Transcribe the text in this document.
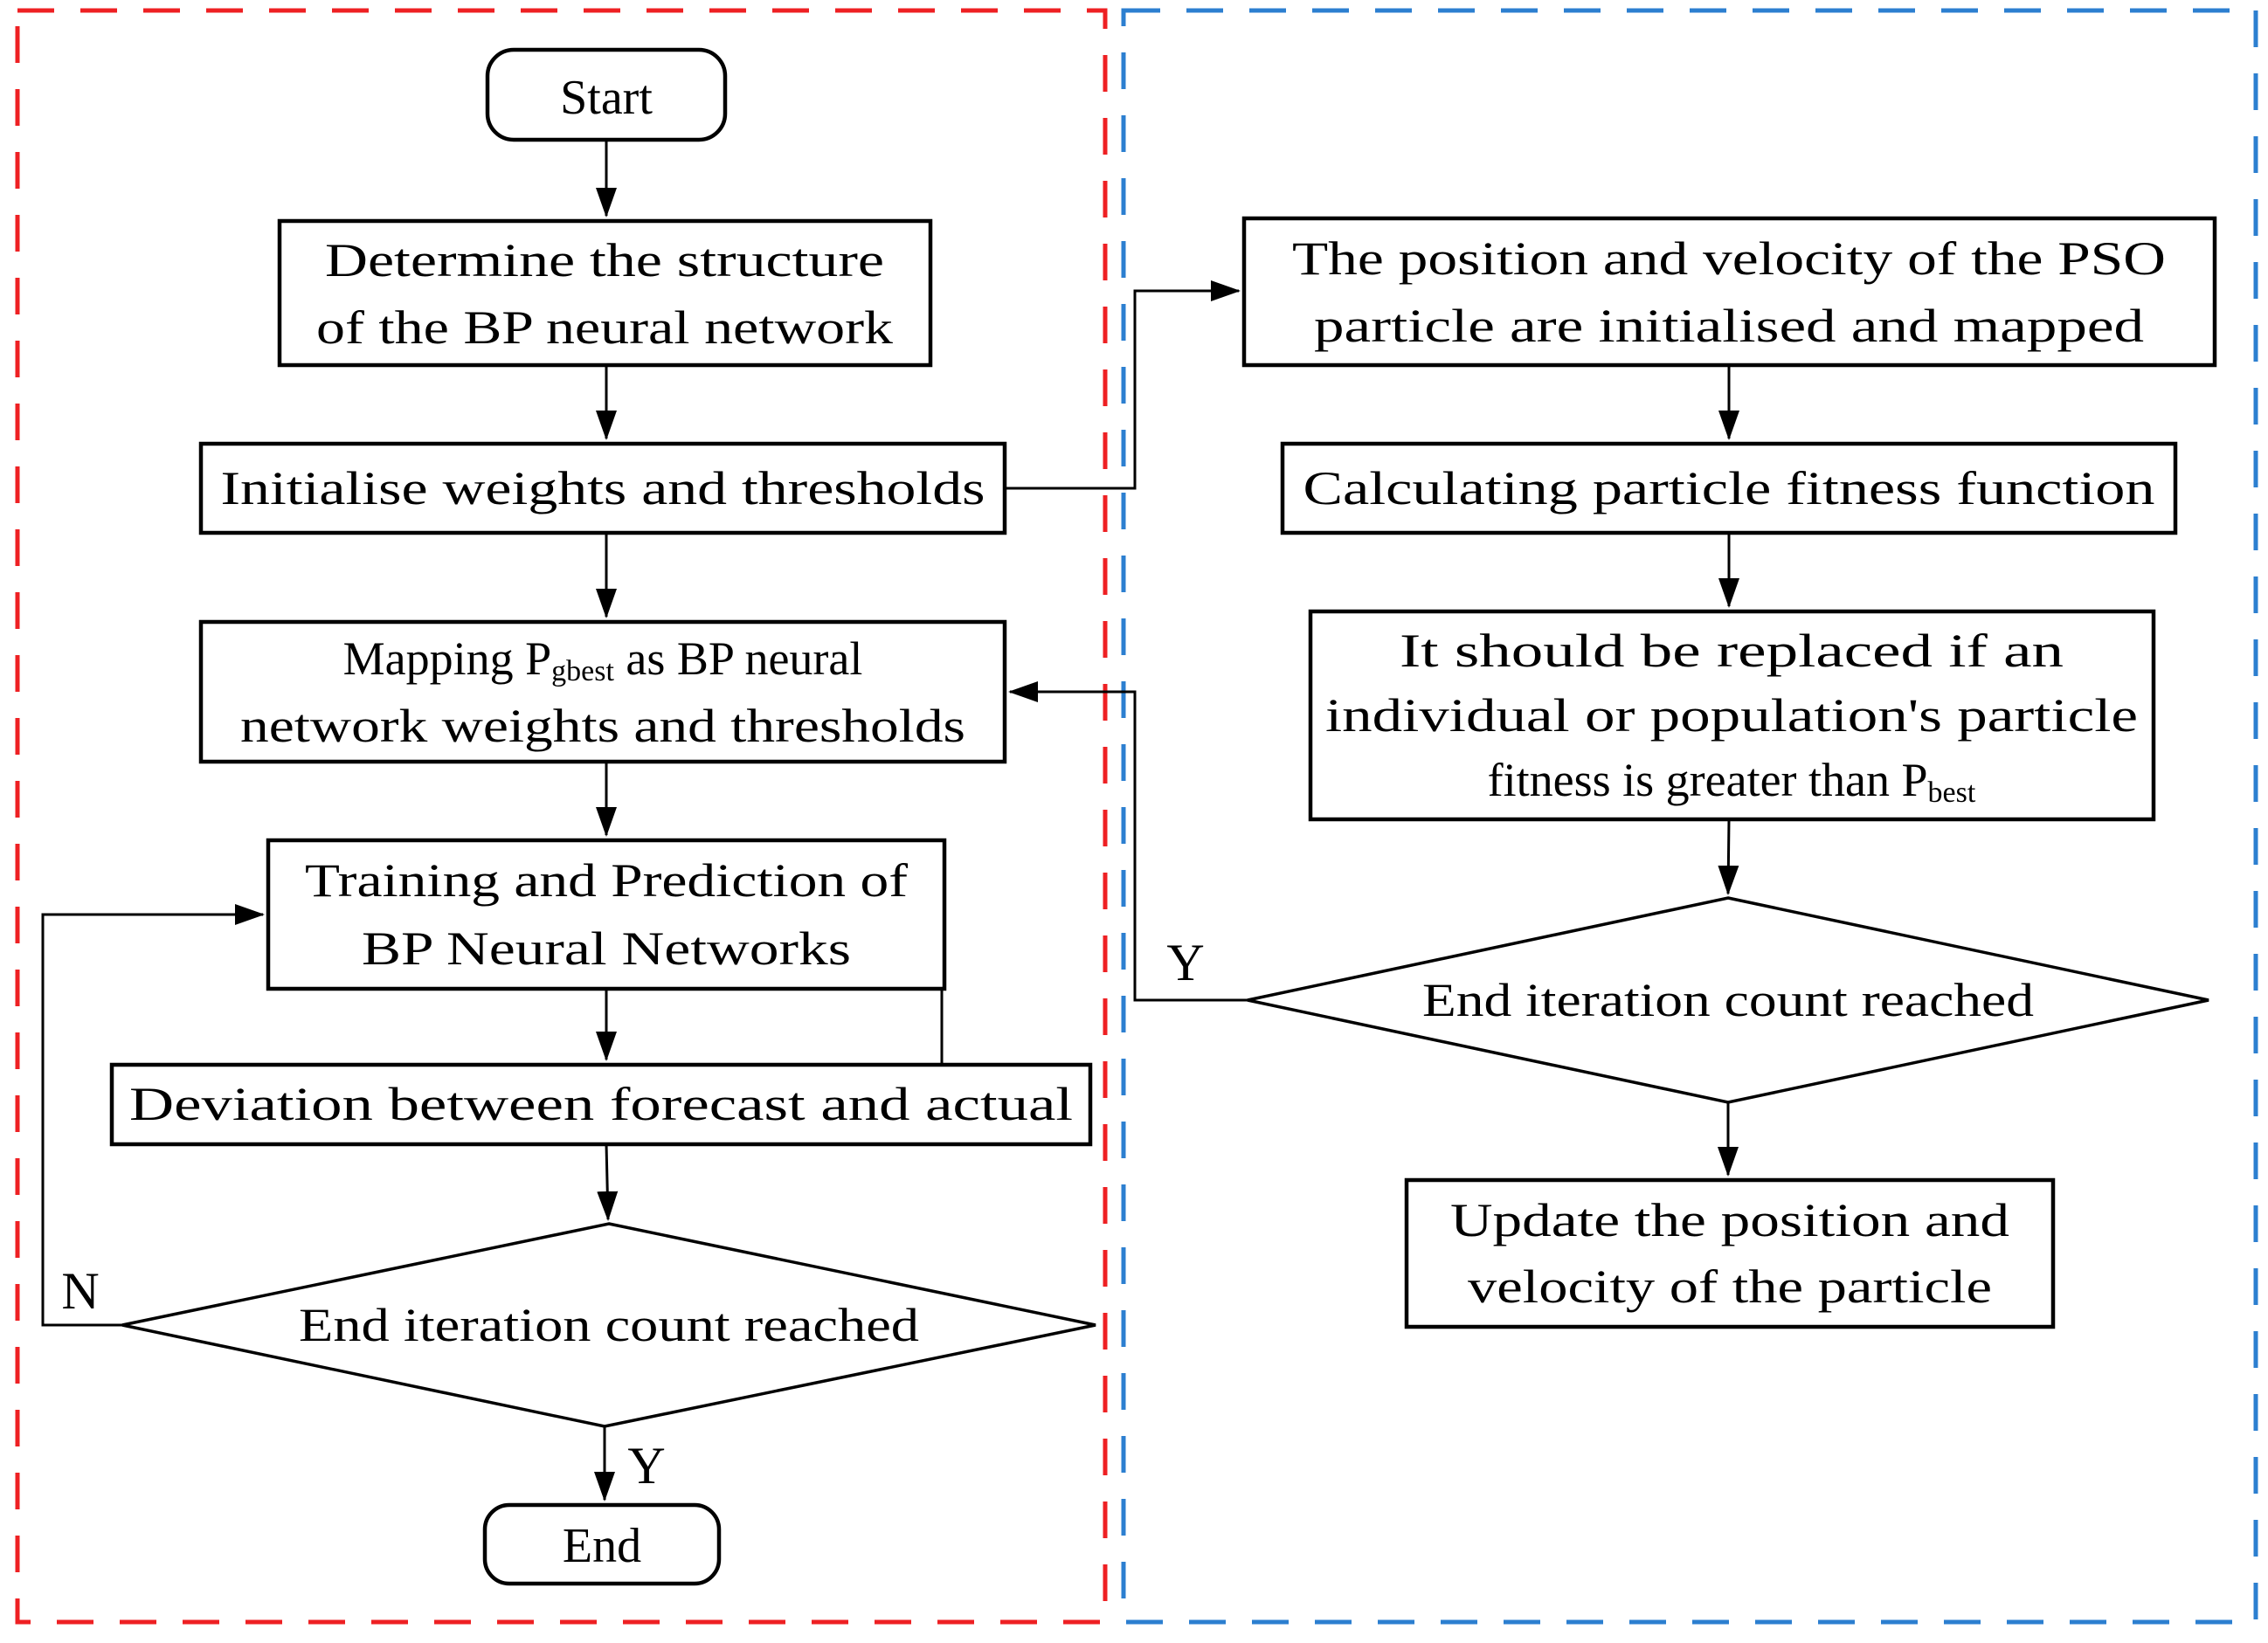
Start
Determine the structure
of the BP neural network
Initialise weights and thresholds
Mapping $P_{gbest}$ as BP neural
network weights and thresholds
Training and Prediction of
BP Neural Networks
Deviation between forecast and actual
End iteration count reached
End
N
Y
The position and velocity of the PSO
particle are initialised and mapped
Calculating particle fitness function
It should be replaced if an
individual or population's particle
fitness is greater than $P_{best}$
End iteration count reached
Update the position and
velocity of the particle
Y
